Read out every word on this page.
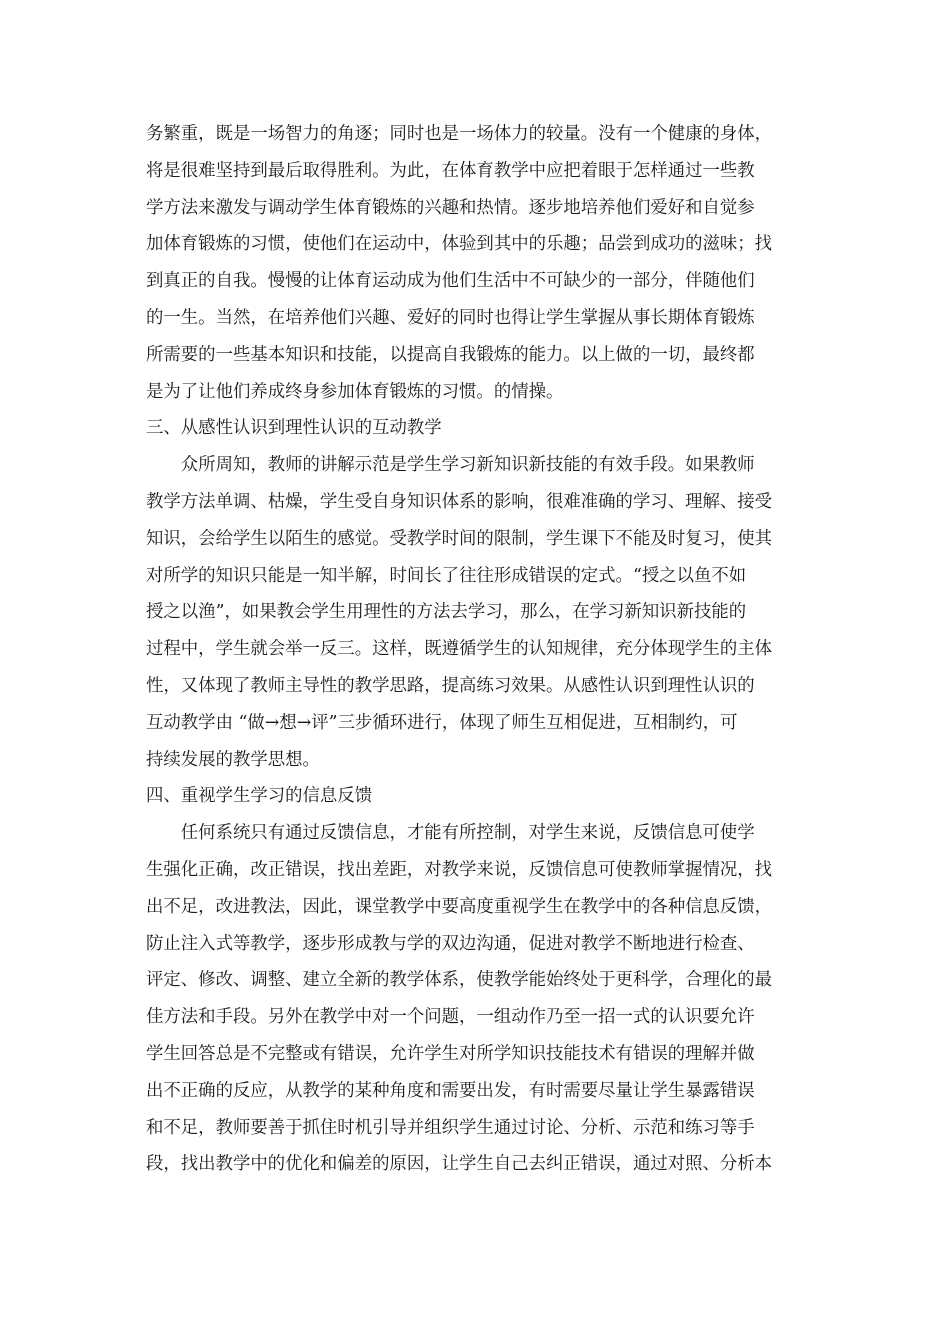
务繁重，既是一场智力的角逐；同时也是一场体力的较量。没有一个健康的身体，
将是很难坚持到最后取得胜利。为此，在体育教学中应把着眼于怎样通过一些教
学方法来激发与调动学生体育锻炼的兴趣和热情。逐步地培养他们爱好和自觉参
加体育锻炼的习惯，使他们在运动中，体验到其中的乐趣；品尝到成功的滋味；找
到真正的自我。慢慢的让体育运动成为他们生活中不可缺少的一部分，伴随他们
的一生。当然，在培养他们兴趣、爱好的同时也得让学生掌握从事长期体育锻炼
所需要的一些基本知识和技能，以提高自我锻炼的能力。以上做的一切，最终都
是为了让他们养成终身参加体育锻炼的习惯。的情操。
三、从感性认识到理性认识的互动教学
　　众所周知，教师的讲解示范是学生学习新知识新技能的有效手段。如果教师
教学方法单调、枯燥，学生受自身知识体系的影响，很难准确的学习、理解、接受
知识，会给学生以陌生的感觉。受教学时间的限制，学生课下不能及时复习，使其
对所学的知识只能是一知半解，时间长了往往形成错误的定式。“授之以鱼不如
授之以渔”，如果教会学生用理性的方法去学习，那么，在学习新知识新技能的
过程中，学生就会举一反三。这样，既遵循学生的认知规律，充分体现学生的主体
性，又体现了教师主导性的教学思路，提高练习效果。从感性认识到理性认识的
互动教学由 “做→想→评”三步循环进行，体现了师生互相促进，互相制约，可
持续发展的教学思想。
四、重视学生学习的信息反馈
　　任何系统只有通过反馈信息，才能有所控制，对学生来说，反馈信息可使学
生强化正确，改正错误，找出差距，对教学来说，反馈信息可使教师掌握情况，找
出不足，改进教法，因此，课堂教学中要高度重视学生在教学中的各种信息反馈，
防止注入式等教学，逐步形成教与学的双边沟通，促进对教学不断地进行检查、
评定、修改、调整、建立全新的教学体系，使教学能始终处于更科学，合理化的最
佳方法和手段。另外在教学中对一个问题，一组动作乃至一招一式的认识要允许
学生回答总是不完整或有错误，允许学生对所学知识技能技术有错误的理解并做
出不正确的反应，从教学的某种角度和需要出发，有时需要尽量让学生暴露错误
和不足，教师要善于抓住时机引导并组织学生通过讨论、分析、示范和练习等手
段，找出教学中的优化和偏差的原因，让学生自己去纠正错误，通过对照、分析本
